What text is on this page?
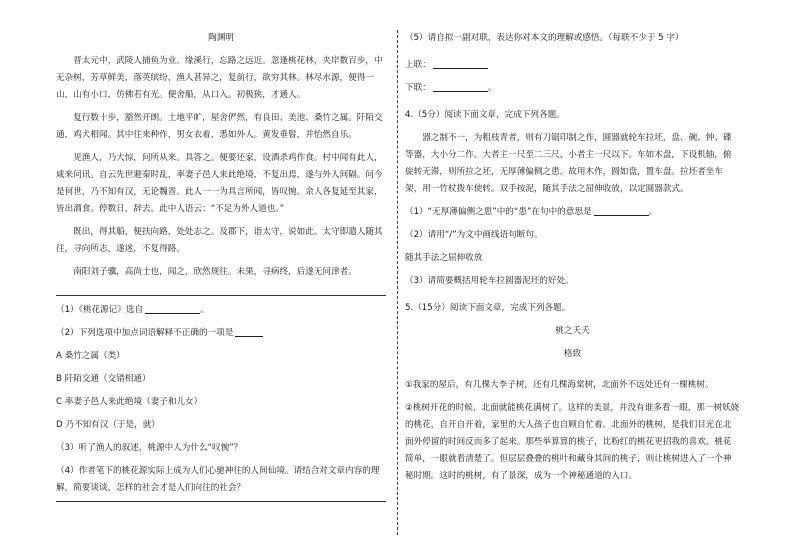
陶渊明

晋太元中，武陵人捕鱼为业。缘溪行，忘路之远近。忽逢桃花林，夹岸数百步，中无杂树，芳草鲜美，落英缤纷，渔人甚异之，复前行，欲穷其林。林尽水源，便得一山，山有小口，仿佛若有光。便舍船，从口入。初极狭，才通人。

复行数十步，豁然开朗。土地平旷，屋舍俨然，有良田、美池、桑竹之属。阡陌交通，鸡犬相闻。其中往来种作，男女衣着，悉如外人。黄发垂髫，并怡然自乐。

见渔人，乃大惊，问所从来。具答之。便要还家，设酒杀鸡作食。村中闻有此人，咸来问讯。自云先世避秦时乱，率妻子邑人来此绝境，不复出焉，遂与外人间隔。问今是何世，乃不知有汉，无论魏晋。此人一一为具言所闻，皆叹惋。余人各复延至其家，皆出酒食。停数日，辞去。此中人语云：“不足为外人道也。”

既出，得其船，便扶向路，处处志之。及郡下，诣太守，说如此。太守即遣人随其往，寻向所志，遂迷，不复得路。

南阳刘子骥，高尚士也，闻之，欣然规往。未果，寻病终，后遂无问津者。

（1）《桃花源记》选自	。

（2）下列选项中加点词语解释不正确的一项是

A 桑竹之属（类）

B 阡陌交通（交错相通）

C 率妻子邑人来此绝境（妻子和儿女）

D 乃不知有汉（于是，就）

（3）听了渔人的叙述，桃源中人为什么“叹惋”？

（4）作者笔下的桃花源实际上成为人们心驰神往的人间仙境。请结合对文章内容的理解，简要谈谈，怎样的社会才是人们向往的社会？

（5）请自拟一副对联，表达你对本文的理解或感悟。（每联不少于 5 字）

上联：

下联：	。

4.（5分）阅读下面文章，完成下列各题。

器之制不一，为粗枝青者，则有刀锯印制之作，圆器就轮车拉坯，盘、碗、钟、碟等器，大小分二作。大者主一尺至二三尺，小者主一尺以下。车如木盘，下设机轴，俯旋转无滞，则所拉之坯，无厚薄偏侧之患。故用木作，圆如盘，置车盘。拉坯者坐车架，用一竹杖拨车使转。双手按泥，随其手法之屈伸收放，以定圆器款式。

（1）“无厚薄偏侧之患”中的“患”在句中的意思是	。

（2）请用“/”为文中画线语句断句。

随其手法之屈伸收放

（3）请简要概括用轮车拉圆器泥坯的好处。

5.（15分）阅读下面文章，完成下列各题。

桃之夭夭

格致

①我家的屋后，有几棵大李子树，还有几棵海棠树，北面外不远处还有一棵桃树。

②桃树开花的时候，北面就能桃花满树了。这样的美景，并没有谁多看一眼，那一树妖娆的桃花，自开自开着，家里的大人孩子也自顾自忙着。北面外的桃树，是我们目光在北面外停留的时间反而多了起来。那些举算算的桃子，比粉红的桃花更招我的喜欢。桃花简单，一眼就看清楚了。但层层叠叠的桃叶和藏身其间的桃子，则让桃树进入了一个神秘时期。这时的桃树，有了景深，成为一个神秘通道的入口。
